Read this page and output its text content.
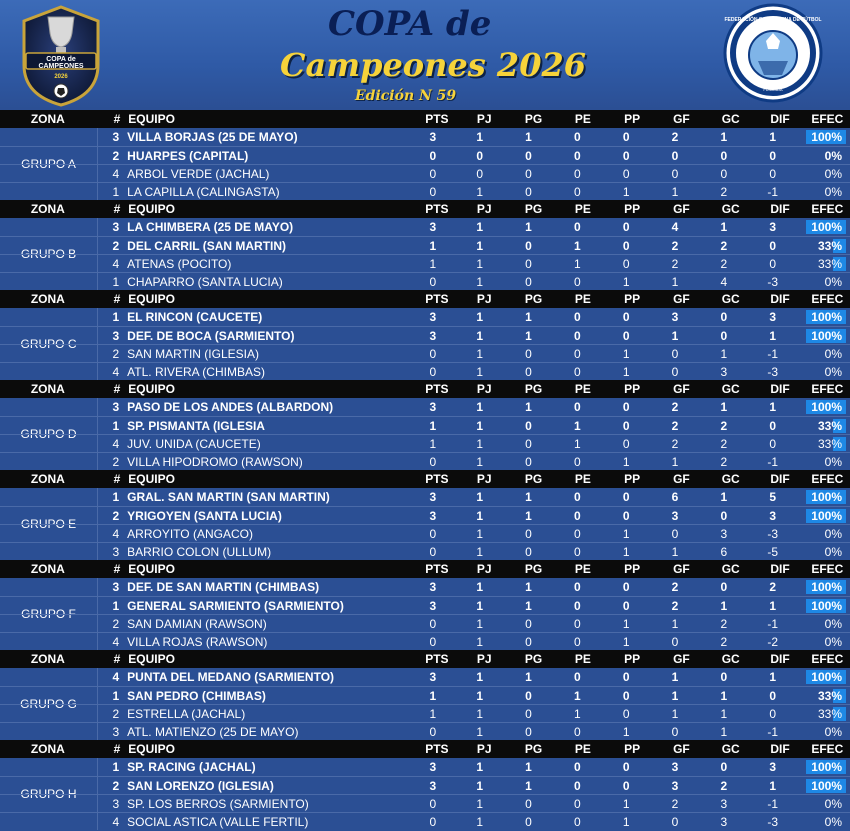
COPA de
CAMPEONES
2026
COPA de
Campeones 2026
Edición N 59
FEDERACIÓN SANJUANINA DE FÚTBOL
FUNDADA
ZONA	# EQUIPO	PTS	PJ	PG	PE	PP	GF	GC	DIF	EFEC
GRUPO A
3 VILLA BORJAS (25 DE MAYO)	3	1	1	0	0	2	1	1	100%
2 HUARPES (CAPITAL)	0	0	0	0	0	0	0	0	0%
4 ARBOL VERDE (JACHAL)	0	0	0	0	0	0	0	0	0%
1 LA CAPILLA (CALINGASTA)	0	1	0	0	1	1	2	-1	0%
ZONA	# EQUIPO	PTS	PJ	PG	PE	PP	GF	GC	DIF	EFEC
GRUPO B
3 LA CHIMBERA (25 DE MAYO)	3	1	1	0	0	4	1	3	100%
2 DEL CARRIL (SAN MARTIN)	1	1	0	1	0	2	2	0	33%
4 ATENAS (POCITO)	1	1	0	1	0	2	2	0	33%
1 CHAPARRO (SANTA LUCIA)	0	1	0	0	1	1	4	-3	0%
ZONA	# EQUIPO	PTS	PJ	PG	PE	PP	GF	GC	DIF	EFEC
GRUPO C
1 EL RINCON (CAUCETE)	3	1	1	0	0	3	0	3	100%
3 DEF. DE BOCA (SARMIENTO)	3	1	1	0	0	1	0	1	100%
2 SAN MARTIN (IGLESIA)	0	1	0	0	1	0	1	-1	0%
4 ATL. RIVERA (CHIMBAS)	0	1	0	0	1	0	3	-3	0%
ZONA	# EQUIPO	PTS	PJ	PG	PE	PP	GF	GC	DIF	EFEC
GRUPO D
3 PASO DE LOS ANDES (ALBARDON)	3	1	1	0	0	2	1	1	100%
1 SP. PISMANTA (IGLESIA	1	1	0	1	0	2	2	0	33%
4 JUV. UNIDA (CAUCETE)	1	1	0	1	0	2	2	0	33%
2 VILLA HIPODROMO (RAWSON)	0	1	0	0	1	1	2	-1	0%
ZONA	# EQUIPO	PTS	PJ	PG	PE	PP	GF	GC	DIF	EFEC
GRUPO E
1 GRAL. SAN MARTIN (SAN MARTIN)	3	1	1	0	0	6	1	5	100%
2 YRIGOYEN (SANTA LUCIA)	3	1	1	0	0	3	0	3	100%
4 ARROYITO (ANGACO)	0	1	0	0	1	0	3	-3	0%
3 BARRIO COLON (ULLUM)	0	1	0	0	1	1	6	-5	0%
ZONA	# EQUIPO	PTS	PJ	PG	PE	PP	GF	GC	DIF	EFEC
GRUPO F
3 DEF. DE SAN MARTIN (CHIMBAS)	3	1	1	0	0	2	0	2	100%
1 GENERAL SARMIENTO (SARMIENTO)	3	1	1	0	0	2	1	1	100%
2 SAN DAMIAN (RAWSON)	0	1	0	0	1	1	2	-1	0%
4 VILLA ROJAS (RAWSON)	0	1	0	0	1	0	2	-2	0%
ZONA	# EQUIPO	PTS	PJ	PG	PE	PP	GF	GC	DIF	EFEC
GRUPO G
4 PUNTA DEL MEDANO (SARMIENTO)	3	1	1	0	0	1	0	1	100%
1 SAN PEDRO (CHIMBAS)	1	1	0	1	0	1	1	0	33%
2 ESTRELLA (JACHAL)	1	1	0	1	0	1	1	0	33%
3 ATL. MATIENZO (25 DE MAYO)	0	1	0	0	1	0	1	-1	0%
ZONA	# EQUIPO	PTS	PJ	PG	PE	PP	GF	GC	DIF	EFEC
GRUPO H
1 SP. RACING (JACHAL)	3	1	1	0	0	3	0	3	100%
2 SAN LORENZO (IGLESIA)	3	1	1	0	0	3	2	1	100%
3 SP. LOS BERROS (SARMIENTO)	0	1	0	0	1	2	3	-1	0%
4 SOCIAL ASTICA (VALLE FERTIL)	0	1	0	0	1	0	3	-3	0%
